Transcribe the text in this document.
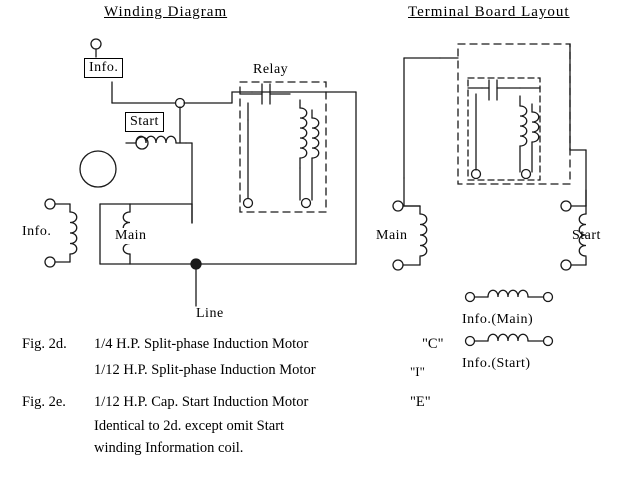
Winding Diagram	Terminal Board Layout
Info.
Start
Relay
Info.	Main
Line
Main	Start
Info.(Main)
Info.(Start)
Fig. 2d. 1/4 H.P. Split-phase Induction Motor	"C"
1/12 H.P. Split-phase Induction Motor	"I"
Fig. 2e. 1/12 H.P. Cap. Start Induction Motor	"E"
Identical to 2d. except omit Start
winding Information coil.
